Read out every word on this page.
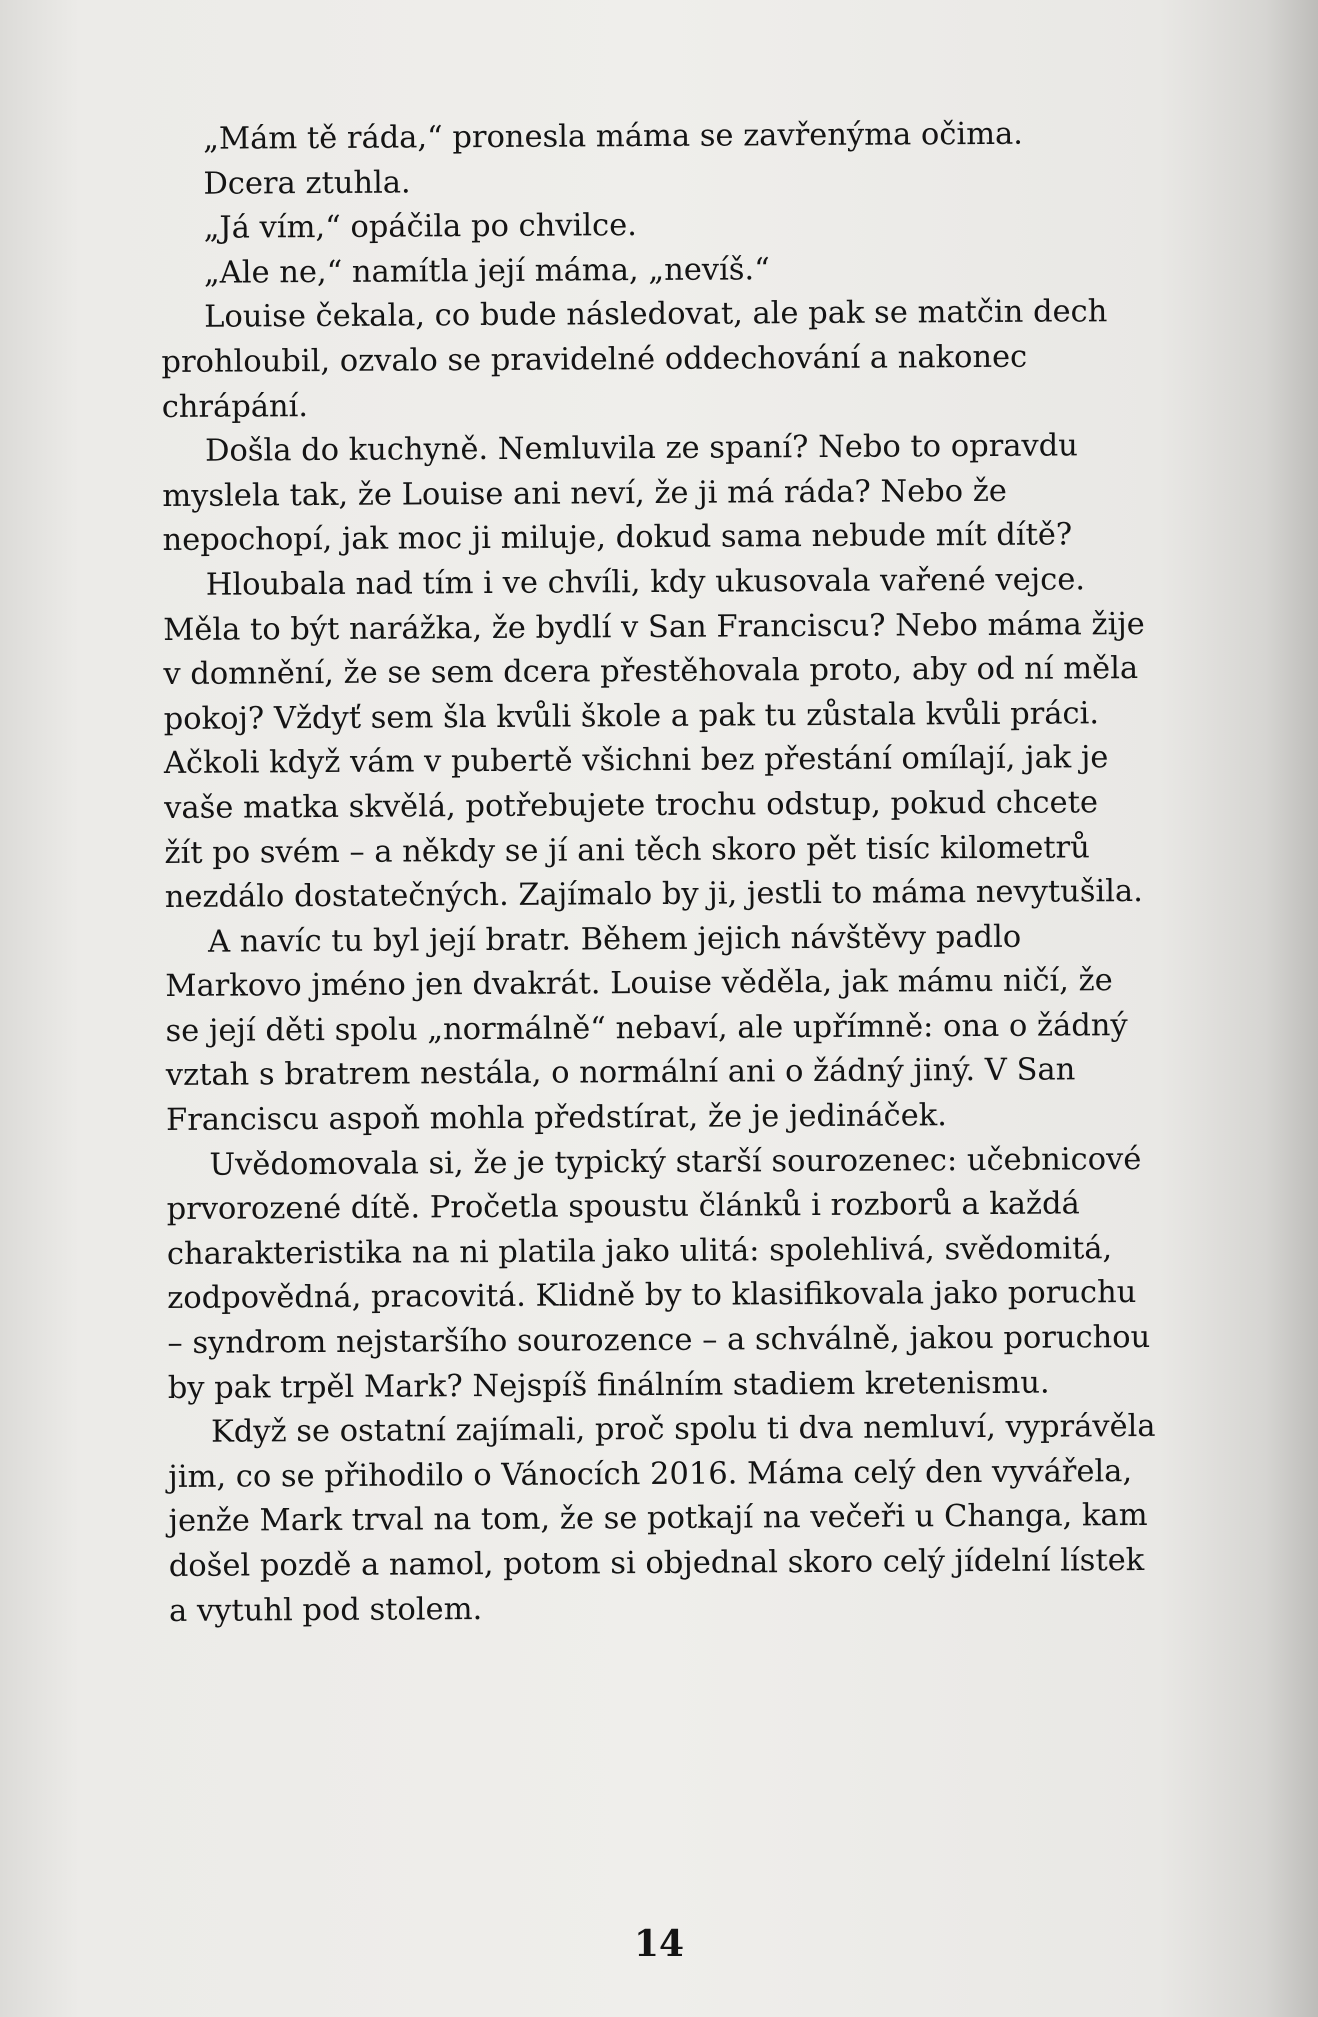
„Mám tě ráda,“ pronesla máma se zavřenýma očima.

Dcera ztuhla.

„Já vím,“ opáčila po chvilce.

„Ale ne,“ namítla její máma, „nevíš.“

Louise čekala, co bude následovat, ale pak se matčin dech
prohloubil, ozvalo se pravidelné oddechování a nakonec
chrápání.

Došla do kuchyně. Nemluvila ze spaní? Nebo to opravdu
myslela tak, že Louise ani neví, že ji má ráda? Nebo že
nepochopí, jak moc ji miluje, dokud sama nebude mít dítě?

Hloubala nad tím i ve chvíli, kdy ukusovala vařené vejce.
Měla to být narážka, že bydlí v San Franciscu? Nebo máma žije
v domnění, že se sem dcera přestěhovala proto, aby od ní měla
pokoj? Vždyť sem šla kvůli škole a pak tu zůstala kvůli práci.
Ačkoli když vám v pubertě všichni bez přestání omílají, jak je
vaše matka skvělá, potřebujete trochu odstup, pokud chcete
žít po svém – a někdy se jí ani těch skoro pět tisíc kilometrů
nezdálo dostatečných. Zajímalo by ji, jestli to máma nevytušila.

A navíc tu byl její bratr. Během jejich návštěvy padlo
Markovo jméno jen dvakrát. Louise věděla, jak mámu ničí, že
se její děti spolu „normálně“ nebaví, ale upřímně: ona o žádný
vztah s bratrem nestála, o normální ani o žádný jiný. V San
Franciscu aspoň mohla předstírat, že je jedináček.

Uvědomovala si, že je typický starší sourozenec: učebnicové
prvorozené dítě. Pročetla spoustu článků i rozborů a každá
charakteristika na ni platila jako ulitá: spolehlivá, svědomitá,
zodpovědná, pracovitá. Klidně by to klasifikovala jako poruchu
– syndrom nejstaršího sourozence – a schválně, jakou poruchou
by pak trpěl Mark? Nejspíš finálním stadiem kretenismu.

Když se ostatní zajímali, proč spolu ti dva nemluví, vyprávěla
jim, co se přihodilo o Vánocích 2016. Máma celý den vyvářela,
jenže Mark trval na tom, že se potkají na večeři u Changa, kam
došel pozdě a namol, potom si objednal skoro celý jídelní lístek
a vytuhl pod stolem.

14
